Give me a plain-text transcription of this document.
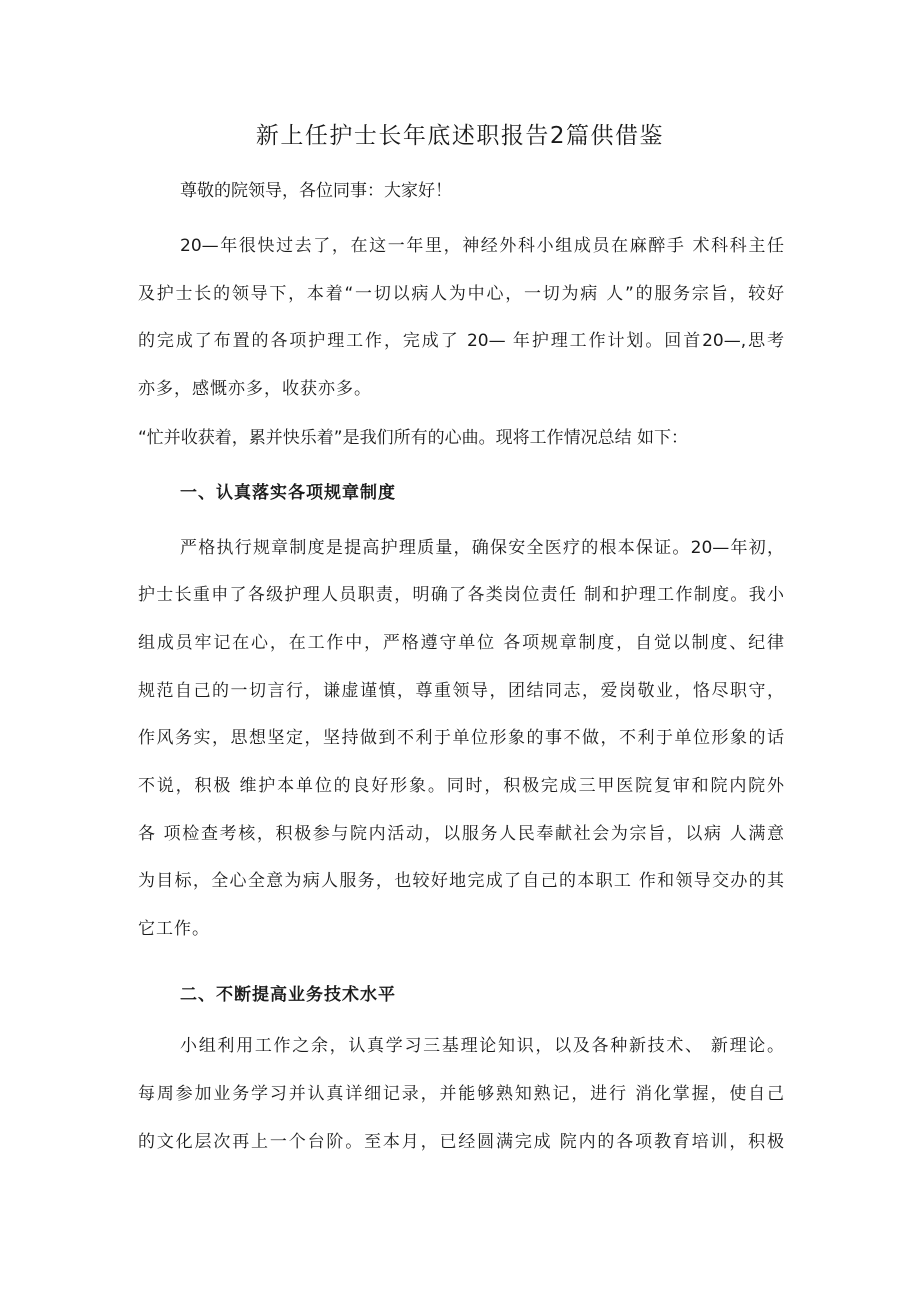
新上任护士长年底述职报告2篇供借鉴
尊敬的院领导，各位同事：大家好！
20—年很快过去了，在这一年里，神经外科小组成员在麻醉手 术科科主任
及护士长的领导下，本着“一切以病人为中心，一切为病 人”的服务宗旨，较好
的完成了布置的各项护理工作，完成了 20— 年护理工作计划。回首20—,思考
亦多，感慨亦多，收获亦多。
“忙并收获着，累并快乐着”是我们所有的心曲。现将工作情况总结 如下：
一、认真落实各项规章制度
严格执行规章制度是提高护理质量，确保安全医疗的根本保证。20—年初，
护士长重申了各级护理人员职责，明确了各类岗位责任 制和护理工作制度。我小
组成员牢记在心，在工作中，严格遵守单位 各项规章制度，自觉以制度、纪律
规范自己的一切言行，谦虚谨慎，尊重领导，团结同志，爱岗敬业，恪尽职守，
作风务实，思想坚定，坚持做到不利于单位形象的事不做，不利于单位形象的话
不说，积极 维护本单位的良好形象。同时，积极完成三甲医院复审和院内院外
各 项检查考核，积极参与院内活动，以服务人民奉献社会为宗旨，以病 人满意
为目标，全心全意为病人服务，也较好地完成了自己的本职工 作和领导交办的其
它工作。
二、不断提高业务技术水平
小组利用工作之余，认真学习三基理论知识，以及各种新技术、 新理论。
每周参加业务学习并认真详细记录，并能够熟知熟记，进行 消化掌握，使自己
的文化层次再上一个台阶。至本月，已经圆满完成 院内的各项教育培训，积极
